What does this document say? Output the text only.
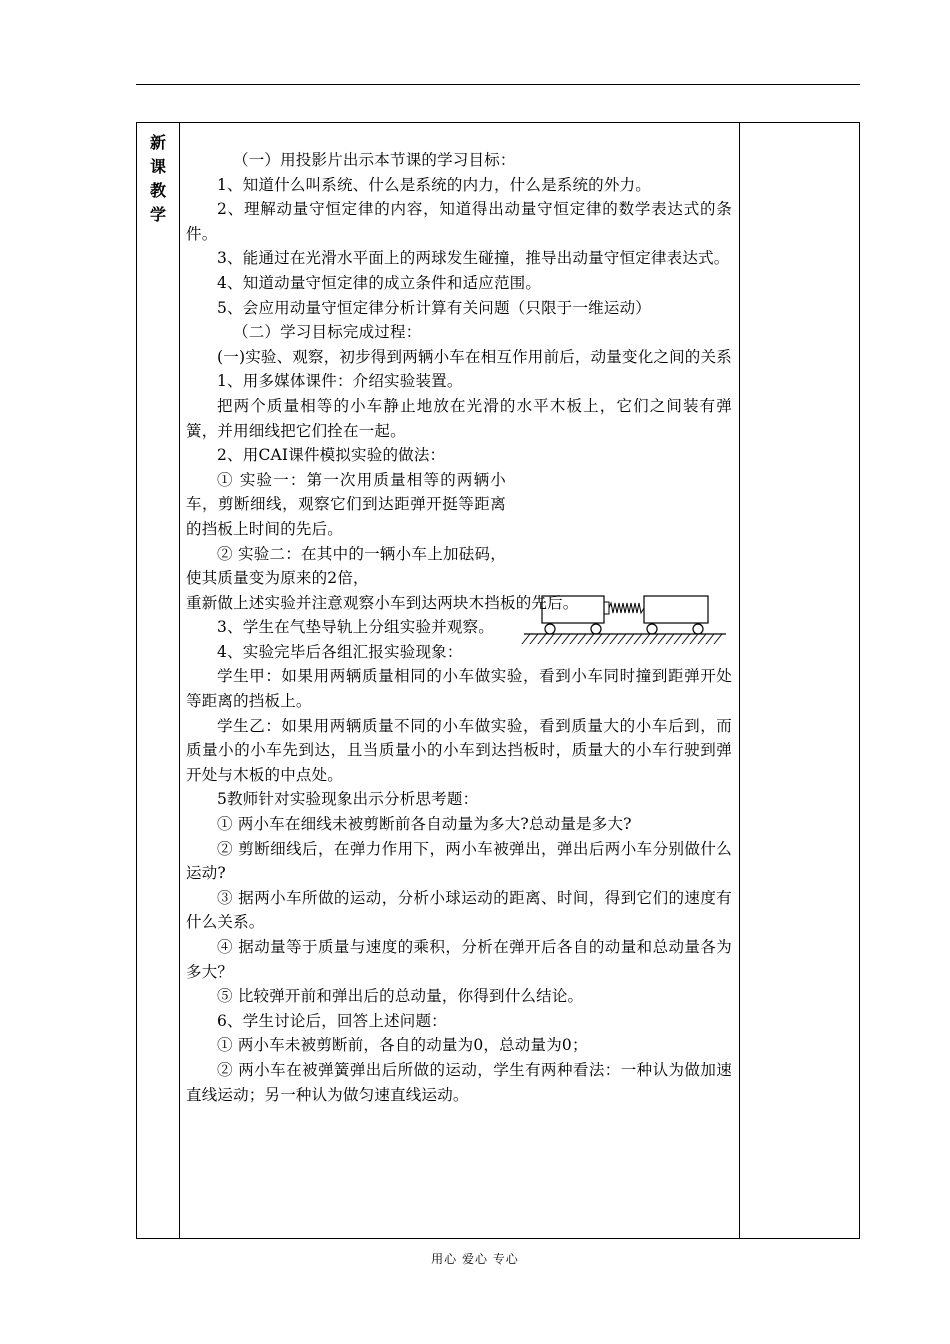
新
课
教
学

（一）用投影片出示本节课的学习目标：

1、知道什么叫系统、什么是系统的内力，什么是系统的外力。

2、理解动量守恒定律的内容，知道得出动量守恒定律的数学表达式的条件。

3、能通过在光滑水平面上的两球发生碰撞，推导出动量守恒定律表达式。

4、知道动量守恒定律的成立条件和适应范围。

5、会应用动量守恒定律分析计算有关问题（只限于一维运动）

（二）学习目标完成过程：

(一)实验、观察，初步得到两辆小车在相互作用前后，动量变化之间的关系

1、用多媒体课件：介绍实验装置。

把两个质量相等的小车静止地放在光滑的水平木板上，它们之间装有弹簧，并用细线把它们拴在一起。

2、用CAI课件模拟实验的做法：

① 实验一：第一次用质量相等的两辆小车，剪断细线，观察它们到达距弹开挺等距离的挡板上时间的先后。

② 实验二：在其中的一辆小车上加砝码，使其质量变为原来的2倍，

重新做上述实验并注意观察小车到达两块木挡板的先后。

3、学生在气垫导轨上分组实验并观察。

4、实验完毕后各组汇报实验现象：

学生甲：如果用两辆质量相同的小车做实验，看到小车同时撞到距弹开处等距离的挡板上。

学生乙：如果用两辆质量不同的小车做实验，看到质量大的小车后到，而质量小的小车先到达，且当质量小的小车到达挡板时，质量大的小车行驶到弹开处与木板的中点处。

5教师针对实验现象出示分析思考题：

① 两小车在细线未被剪断前各自动量为多大?总动量是多大?

② 剪断细线后，在弹力作用下，两小车被弹出，弹出后两小车分别做什么运动?

③ 据两小车所做的运动，分析小球运动的距离、时间，得到它们的速度有什么关系。

④ 据动量等于质量与速度的乘积，分析在弹开后各自的动量和总动量各为多大？

⑤ 比较弹开前和弹出后的总动量，你得到什么结论。

6、学生讨论后，回答上述问题：

① 两小车未被剪断前，各自的动量为0，总动量为0；

② 两小车在被弹簧弹出后所做的运动，学生有两种看法：一种认为做加速直线运动；另一种认为做匀速直线运动。

用心 爱心 专心
